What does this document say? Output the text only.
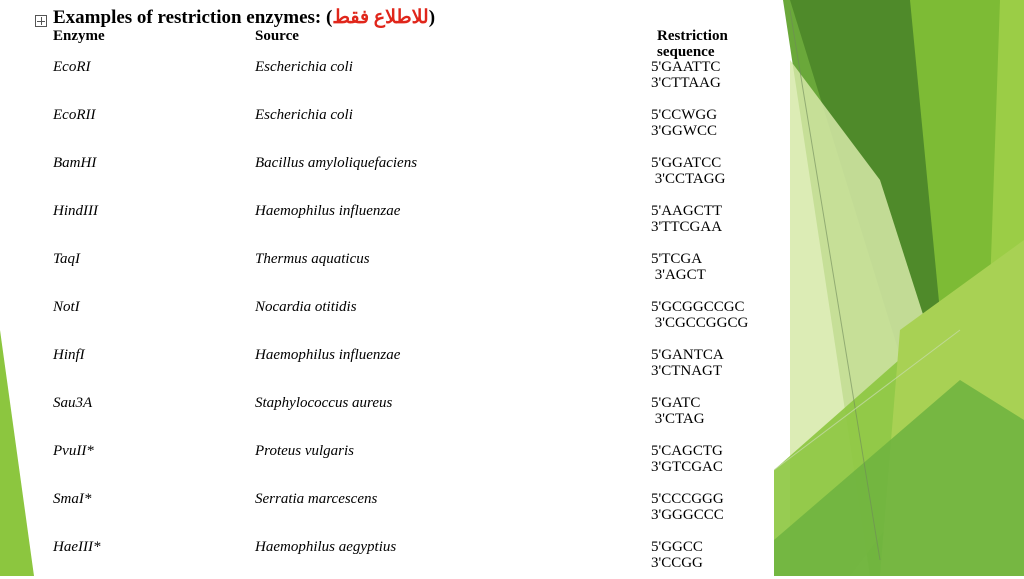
Examples of restriction enzymes: (للاطلاع فقط)
Enzyme	Source	Restriction
sequence
EcoRI	Escherichia coli	5'GAATTC
3'CTTAAG
EcoRII	Escherichia coli	5'CCWGG
3'GGWCC
BamHI	Bacillus amyloliquefaciens	5'GGATCC
3'CCTAGG
HindIII	Haemophilus influenzae	5'AAGCTT
3'TTCGAA
TaqI	Thermus aquaticus	5'TCGA
3'AGCT
NotI	Nocardia otitidis	5'GCGGCCGC
3'CGCCGGCG
HinfI	Haemophilus influenzae	5'GANTCA
3'CTNAGT
Sau3A	Staphylococcus aureus	5'GATC
3'CTAG
PvuII*	Proteus vulgaris	5'CAGCTG
3'GTCGAC
SmaI*	Serratia marcescens	5'CCCGGG
3'GGGCCC
HaeIII*	Haemophilus aegyptius	5'GGCC
3'CCGG
